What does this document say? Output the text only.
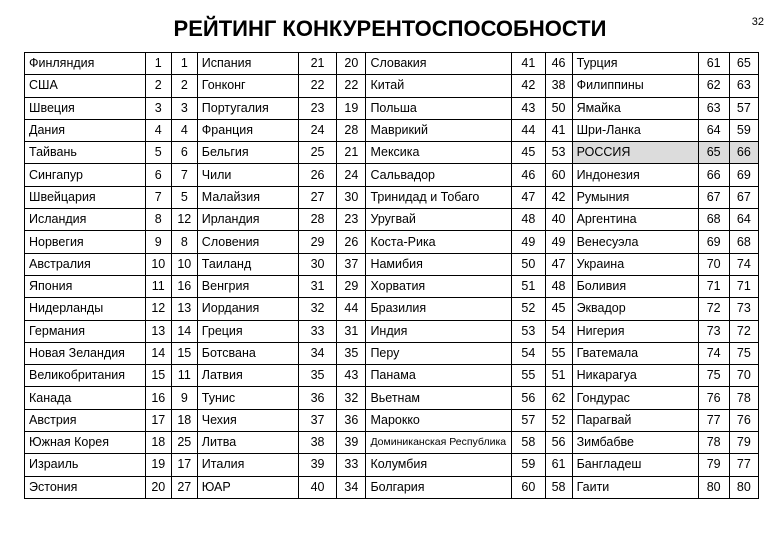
РЕЙТИНГ КОНКУРЕНТОСПОСОБНОСТИ	32
Финляндия	1	1	Испания	21	20	Словакия	41	46	Турция	61	65
США	2	2	Гонконг	22	22	Китай	42	38	Филиппины	62	63
Швеция	3	3	Португалия	23	19	Польша	43	50	Ямайка	63	57
Дания	4	4	Франция	24	28	Маврикий	44	41	Шри-Ланка	64	59
Тайвань	5	6	Бельгия	25	21	Мексика	45	53	РОССИЯ	65	66
Сингапур	6	7	Чили	26	24	Сальвадор	46	60	Индонезия	66	69
Швейцария	7	5	Малайзия	27	30	Тринидад и Тобаго	47	42	Румыния	67	67
Исландия	8	12	Ирландия	28	23	Уругвай	48	40	Аргентина	68	64
Норвегия	9	8	Словения	29	26	Коста-Рика	49	49	Венесуэла	69	68
Австралия	10	10	Таиланд	30	37	Намибия	50	47	Украина	70	74
Япония	11	16	Венгрия	31	29	Хорватия	51	48	Боливия	71	71
Нидерланды	12	13	Иордания	32	44	Бразилия	52	45	Эквадор	72	73
Германия	13	14	Греция	33	31	Индия	53	54	Нигерия	73	72
Новая Зеландия	14	15	Ботсвана	34	35	Перу	54	55	Гватемала	74	75
Великобритания	15	11	Латвия	35	43	Панама	55	51	Никарагуа	75	70
Канада	16	9	Тунис	36	32	Вьетнам	56	62	Гондурас	76	78
Австрия	17	18	Чехия	37	36	Марокко	57	52	Парагвай	77	76
Южная Корея	18	25	Литва	38	39	Доминиканская Республика	58	56	Зимбабве	78	79
Израиль	19	17	Италия	39	33	Колумбия	59	61	Бангладеш	79	77
Эстония	20	27	ЮАР	40	34	Болгария	60	58	Гаити	80	80
